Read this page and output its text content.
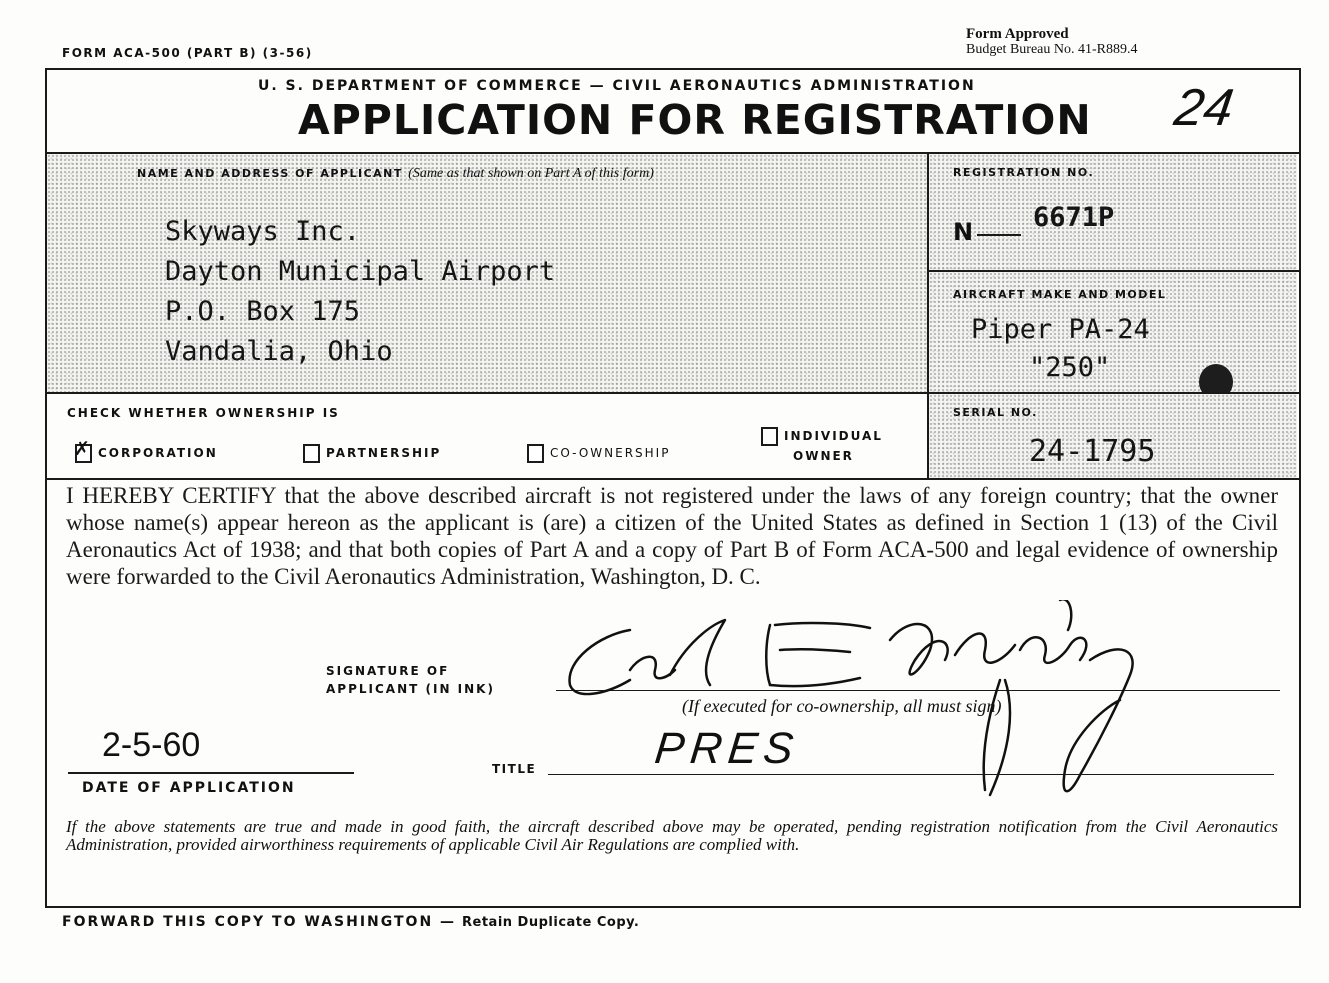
FORM ACA-500 (PART B) (3-56)
Form Approved
Budget Bureau No. 41-R889.4
U. S. DEPARTMENT OF COMMERCE — CIVIL AERONAUTICS ADMINISTRATION
APPLICATION FOR REGISTRATION 24
NAME AND ADDRESS OF APPLICANT (Same as that shown on Part A of this form)
Skyways Inc.
Dayton Municipal Airport
P.O. Box 175
Vandalia, Ohio
REGISTRATION NO.
N 6671P
AIRCRAFT MAKE AND MODEL
Piper PA-24
"250"
CHECK WHETHER OWNERSHIP IS
✗ CORPORATION	PARTNERSHIP	CO-OWNERSHIP
INDIVIDUAL
OWNER
SERIAL NO.
24-1795
I HEREBY CERTIFY that the above described aircraft is not registered under the laws of any foreign country; that the owner whose name(s) appear hereon as the applicant is (are) a citizen of the United States as defined in Section 1 (13) of the Civil Aeronautics Act of 1938; and that both copies of Part A and a copy of Part B of Form ACA-500 and legal evidence of ownership were forwarded to the Civil Aeronautics Administration, Washington, D. C.
SIGNATURE OF
APPLICANT (IN INK)
(If executed for co-ownership, all must sign)
2-5-60
DATE OF APPLICATION
TITLE	PRES
If the above statements are true and made in good faith, the aircraft described above may be operated, pending registration notification from the Civil Aeronautics Administration, provided airworthiness requirements of applicable Civil Air Regulations are complied with.
FORWARD THIS COPY TO WASHINGTON — Retain Duplicate Copy.
